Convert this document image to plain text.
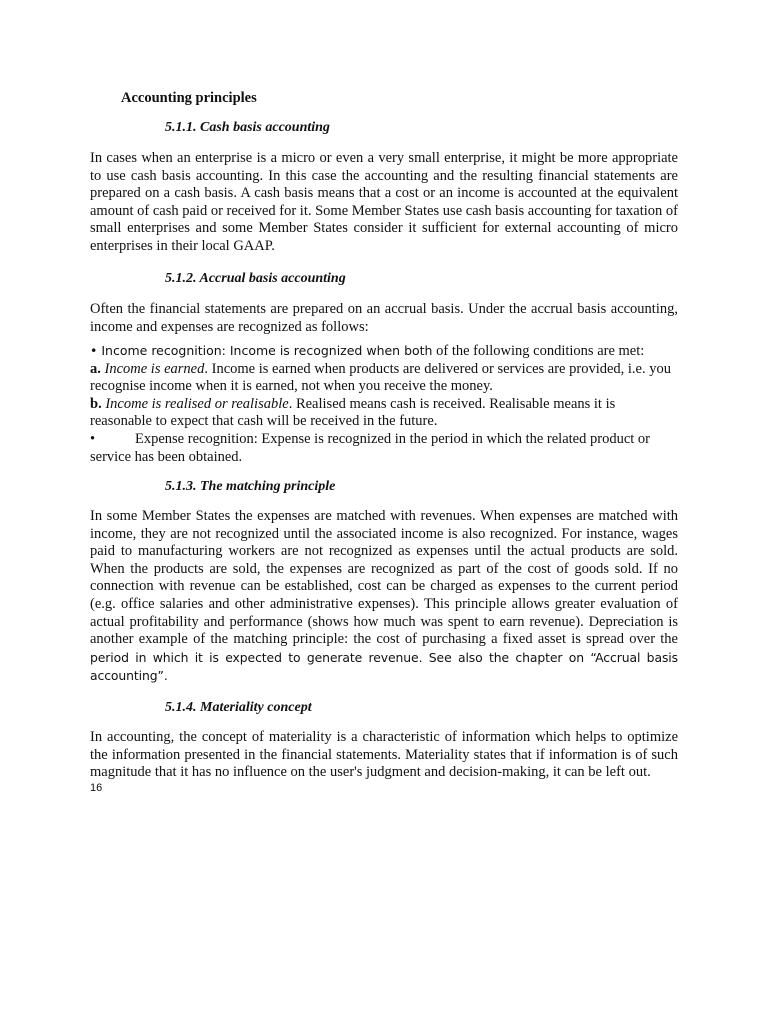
Accounting principles
5.1.1. Cash basis accounting

In cases when an enterprise is a micro or even a very small enterprise, it might be more appropriate to use cash basis accounting. In this case the accounting and the resulting financial statements are prepared on a cash basis. A cash basis means that a cost or an income is accounted at the equivalent amount of cash paid or received for it. Some Member States use cash basis accounting for taxation of small enterprises and some Member States consider it sufficient for external accounting of micro enterprises in their local GAAP.

5.1.2. Accrual basis accounting

Often the financial statements are prepared on an accrual basis. Under the accrual basis accounting, income and expenses are recognized as follows:

• Income recognition: Income is recognized when both of the following conditions are met:

a. Income is earned. Income is earned when products are delivered or services are provided, i.e. you recognise income when it is earned, not when you receive the money.

b. Income is realised or realisable. Realised means cash is received. Realisable means it is reasonable to expect that cash will be received in the future.

•	Expense recognition: Expense is recognized in the period in which the related product or service has been obtained.

5.1.3. The matching principle

In some Member States the expenses are matched with revenues. When expenses are matched with income, they are not recognized until the associated income is also recognized. For instance, wages paid to manufacturing workers are not recognized as expenses until the actual products are sold. When the products are sold, the expenses are recognized as part of the cost of goods sold. If no connection with revenue can be established, cost can be charged as expenses to the current period (e.g. office salaries and other administrative expenses). This principle allows greater evaluation of actual profitability and performance (shows how much was spent to earn revenue). Depreciation is another example of the matching principle: the cost of purchasing a fixed asset is spread over the period in which it is expected to generate revenue. See also the chapter on “Accrual basis accounting”.

5.1.4. Materiality concept

In accounting, the concept of materiality is a characteristic of information which helps to optimize the information presented in the financial statements. Materiality states that if information is of such magnitude that it has no influence on the user's judgment and decision-making, it can be left out.

16
